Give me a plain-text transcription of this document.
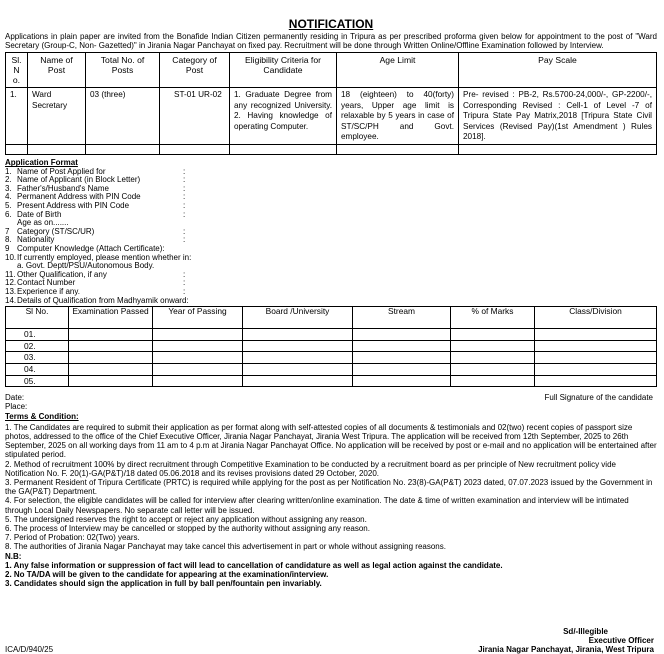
NOTIFICATION

Applications in plain paper are invited from the Bonafide Indian Citizen permanently residing in Tripura as per prescribed proforma given below for appointment to the post of "Ward Secretary (Group-C, Non- Gazetted)" in Jirania Nagar Panchayat on fixed pay. Recruitment will be done through Written Online/Offline Examination followed by Interview.

Sl. N o.	Name of Post	Total No. of Posts	Category of Post	Eligibility Criteria for Candidate	Age Limit	Pay Scale
1.	Ward Secretary	03 (three)	ST-01 UR-02	1. Graduate Degree from any recognized University. 2. Having knowledge of operating Computer.	18 (eighteen) to 40(forty) years, Upper age limit is relaxable by 5 years in case of ST/SC/PH and Govt. employee.	Pre- revised : PB-2, Rs.5700-24,000/-, GP-2200/-, Corresponding Revised : Cell-1 of Level -7 of Tripura State Pay Matrix,2018 [Tripura State Civil Services (Revised Pay)(1st Amendment ) Rules 2018].

Application Format
1. Name of Post Applied for	:
2. Name of Applicant (in Block Letter)	:
3. Father's/Husband's Name	:
4. Permanent Address with PIN Code	:
5. Present Address with PIN Code	:
6. Date of Birth	:
Age as on.......
7 Category (ST/SC/UR)	:
8. Nationality	:
9 Computer Knowledge (Attach Certificate):
10. If currently employed, please mention whether in:
a. Govt. Deptt/PSU/Autonomous Body.
11. Other Qualification, if any	:
12. Contact Number	:
13. Experience if any.	:
14. Details of Qualification from Madhyamik onward:
Sl No.	Examination Passed	Year of Passing	Board /University	Stream	% of Marks	Class/Division
01.						
02.						
03.						
04.						
05.						
Date:	Full Signature of the candidate
Place:
Terms & Condition:

1. The Candidates are required to submit their application as per format along with self-attested copies of all documents & testimonials and 02(two) recent copies of passport size photos, addressed to the office of the Chief Executive Officer, Jirania Nagar Panchayat, Jirania West Tripura. The application will be received from 12th September, 2025 to 26th September, 2025 on all working days from 11 am to 4 p.m at Jirania Nagar Panchayat Office. No application will be received by post or e-mail and no application will be entertained after stipulated period.

2. Method of recruitment 100% by direct recruitment through Competitive Examination to be conducted by a recruitment board as per principle of New recruitment policy vide Notification No. F. 20(1)-GA(P&T)/18 dated 05.06.2018 and its revises provisions dated 29 October, 2020.

3. Permanent Resident of Tripura Certificate (PRTC) is required while applying for the post as per Notification No. 23(8)-GA(P&T) 2023 dated, 07.07.2023 issued by the Government in the GA(P&T) Department.

4. For selection, the eligible candidates will be called for interview after clearing written/online examination. The date & time of written examination and interview will be intimated through Local Daily Newspapers. No separate call letter will be issued.

5. The undersigned reserves the right to accept or reject any application without assigning any reason.

6. The process of Interview may be cancelled or stopped by the authority without assigning any reason.

7. Period of Probation: 02(Two) years.

8. The authorities of Jirania Nagar Panchayat may take cancel this advertisement in part or whole without assigning reasons.

N.B:

1. Any false information or suppression of fact will lead to cancellation of candidature as well as legal action against the candidate.

2. No TA/DA will be given to the candidate for appearing at the examination/interview.

3. Candidates should sign the application in full by ball pen/fountain pen invariably.

Sd/-Illegible
Executive Officer
Jirania Nagar Panchayat, Jirania, West Tripura
ICA/D/940/25
